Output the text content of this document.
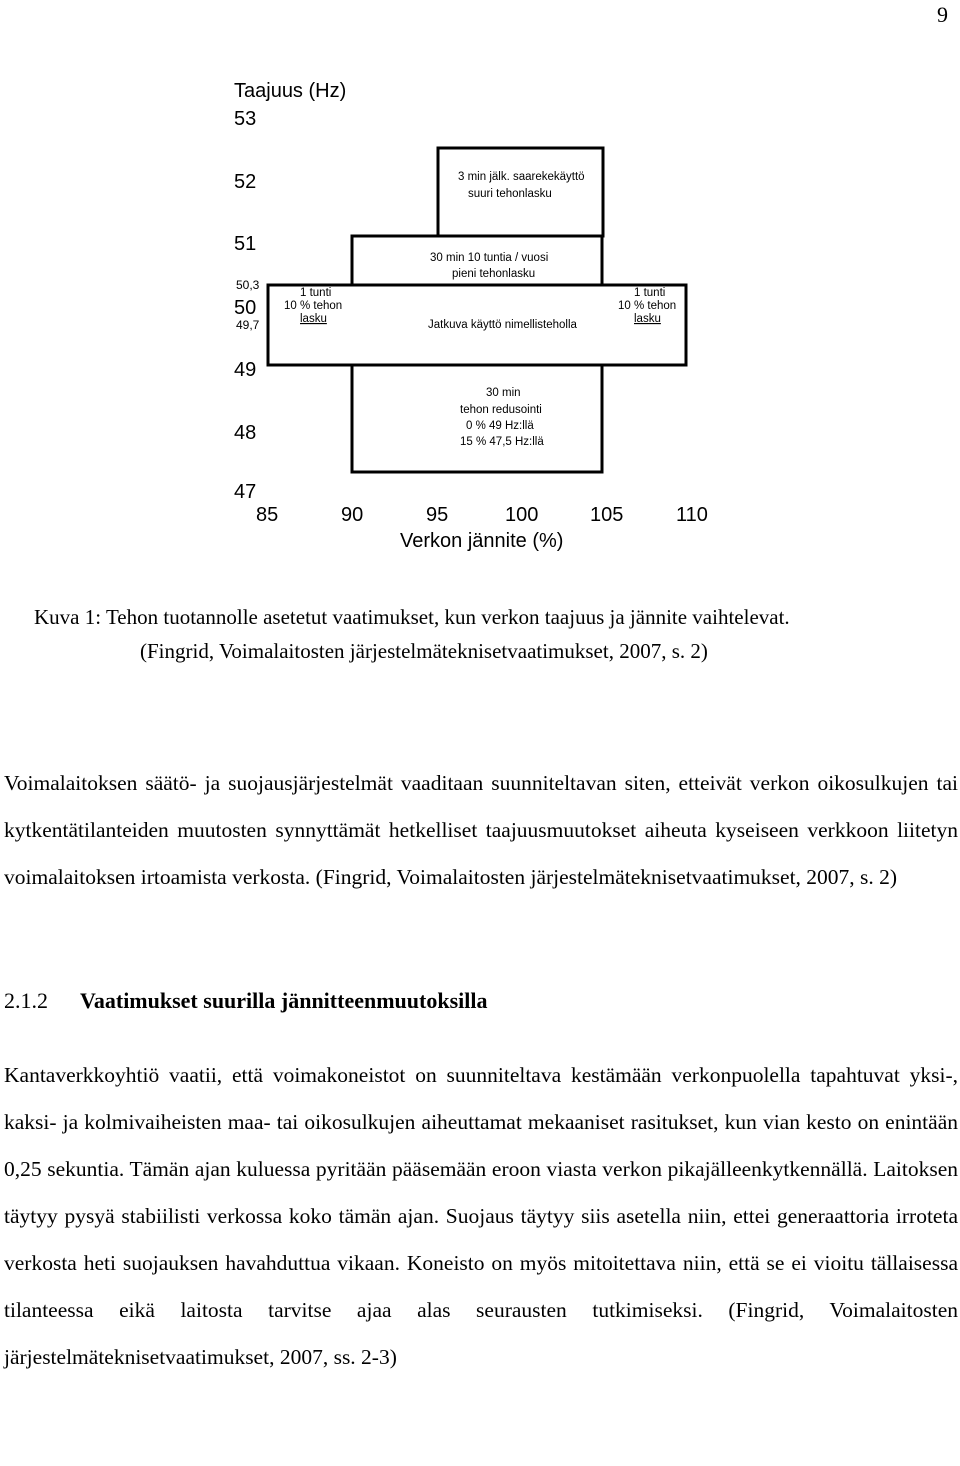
9
Taajuus (Hz)
Verkon jännite (%)
53
52
51
50,3
50
49,7
49
48
47
85	90	95	100	105	110
3 min jälk. saarekekäyttö
suuri tehonlasku
30 min 10 tuntia / vuosi
pieni tehonlasku
Jatkuva käyttö nimellisteholla
1 tunti
10 % tehon
lasku
1 tunti
10 % tehon
lasku
30 min
tehon redusointi
0 % 49 Hz:llä
15 % 47,5 Hz:llä
Kuva 1: Tehon tuotannolle asetetut vaatimukset, kun verkon taajuus ja jännite vaihtelevat.
(Fingrid, Voimalaitosten järjestelmäteknisetvaatimukset, 2007, s. 2)

Voimalaitoksen säätö- ja suojausjärjestelmät vaaditaan suunniteltavan siten, etteivät verkon oikosulkujen tai kytkentätilanteiden muutosten synnyttämät hetkelliset taajuusmuutokset aiheuta kyseiseen verkkoon liitetyn voimalaitoksen irtoamista verkosta. (Fingrid, Voimalaitosten järjestelmäteknisetvaatimukset, 2007, s. 2)

2.1.2 Vaatimukset suurilla jännitteenmuutoksilla

Kantaverkkoyhtiö vaatii, että voimakoneistot on suunniteltava kestämään verkonpuolella tapahtuvat yksi-, kaksi- ja kolmivaiheisten maa- tai oikosulkujen aiheuttamat mekaaniset rasitukset, kun vian kesto on enintään 0,25 sekuntia. Tämän ajan kuluessa pyritään pääsemään eroon viasta verkon pikajälleenkytkennällä. Laitoksen täytyy pysyä stabiilisti verkossa koko tämän ajan. Suojaus täytyy siis asetella niin, ettei generaattoria irroteta verkosta heti suojauksen havahduttua vikaan. Koneisto on myös mitoitettava niin, että se ei vioitu tällaisessa tilanteessa eikä laitosta tarvitse ajaa alas seurausten tutkimiseksi. (Fingrid, Voimalaitosten järjestelmäteknisetvaatimukset, 2007, ss. 2-3)
